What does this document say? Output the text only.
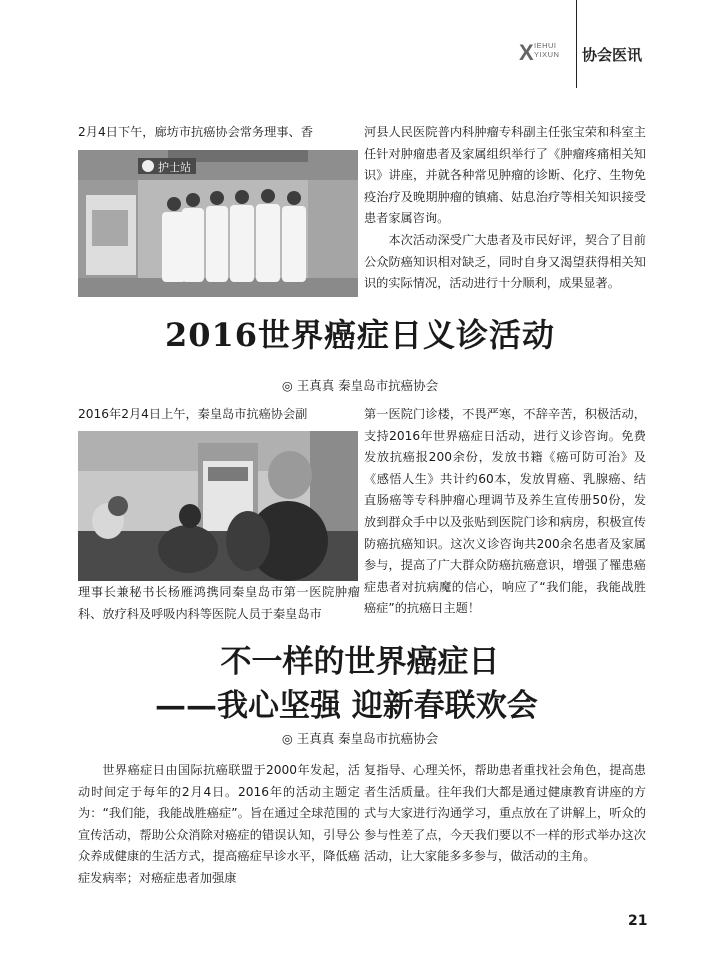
X IEHUI
YIXUN 协会医讯

2月4日下午，廊坊市抗癌协会常务理事、香

护士站

河县人民医院普内科肿瘤专科副主任张宝荣和科室主任针对肿瘤患者及家属组织举行了《肿瘤疼痛相关知识》讲座，并就各种常见肿瘤的诊断、化疗、生物免疫治疗及晚期肿瘤的镇痛、姑息治疗等相关知识接受患者家属咨询。

本次活动深受广大患者及市民好评，契合了目前公众防癌知识相对缺乏，同时自身又渴望获得相关知识的实际情况，活动进行十分顺利，成果显著。

2016世界癌症日义诊活动
◎ 王真真 秦皇岛市抗癌协会

2016年2月4日上午，秦皇岛市抗癌协会副

理事长兼秘书长杨雁鸿携同秦皇岛市第一医院肿瘤科、放疗科及呼吸内科等医院人员于秦皇岛市

第一医院门诊楼，不畏严寒，不辞辛苦，积极活动，支持2016年世界癌症日活动，进行义诊咨询。免费发放抗癌报200余份，发放书籍《癌可防可治》及《感悟人生》共计约60本，发放胃癌、乳腺癌、结直肠癌等专科肿瘤心理调节及养生宣传册50份，发放到群众手中以及张贴到医院门诊和病房，积极宣传防癌抗癌知识。这次义诊咨询共200余名患者及家属参与，提高了广大群众防癌抗癌意识，增强了罹患癌症患者对抗病魔的信心，响应了“我们能，我能战胜癌症”的抗癌日主题！

不一样的世界癌症日
——我心坚强 迎新春联欢会
◎ 王真真 秦皇岛市抗癌协会

世界癌症日由国际抗癌联盟于2000年发起，活动时间定于每年的2月4日。2016年的活动主题定为：“我们能，我能战胜癌症”。旨在通过全球范围的宣传活动，帮助公众消除对癌症的错误认知，引导公众养成健康的生活方式，提高癌症早诊水平，降低癌症发病率；对癌症患者加强康

复指导、心理关怀，帮助患者重找社会角色，提高患者生活质量。往年我们大都是通过健康教育讲座的方式与大家进行沟通学习，重点放在了讲解上，听众的参与性差了点，今天我们要以不一样的形式举办这次活动，让大家能多多参与，做活动的主角。

21
